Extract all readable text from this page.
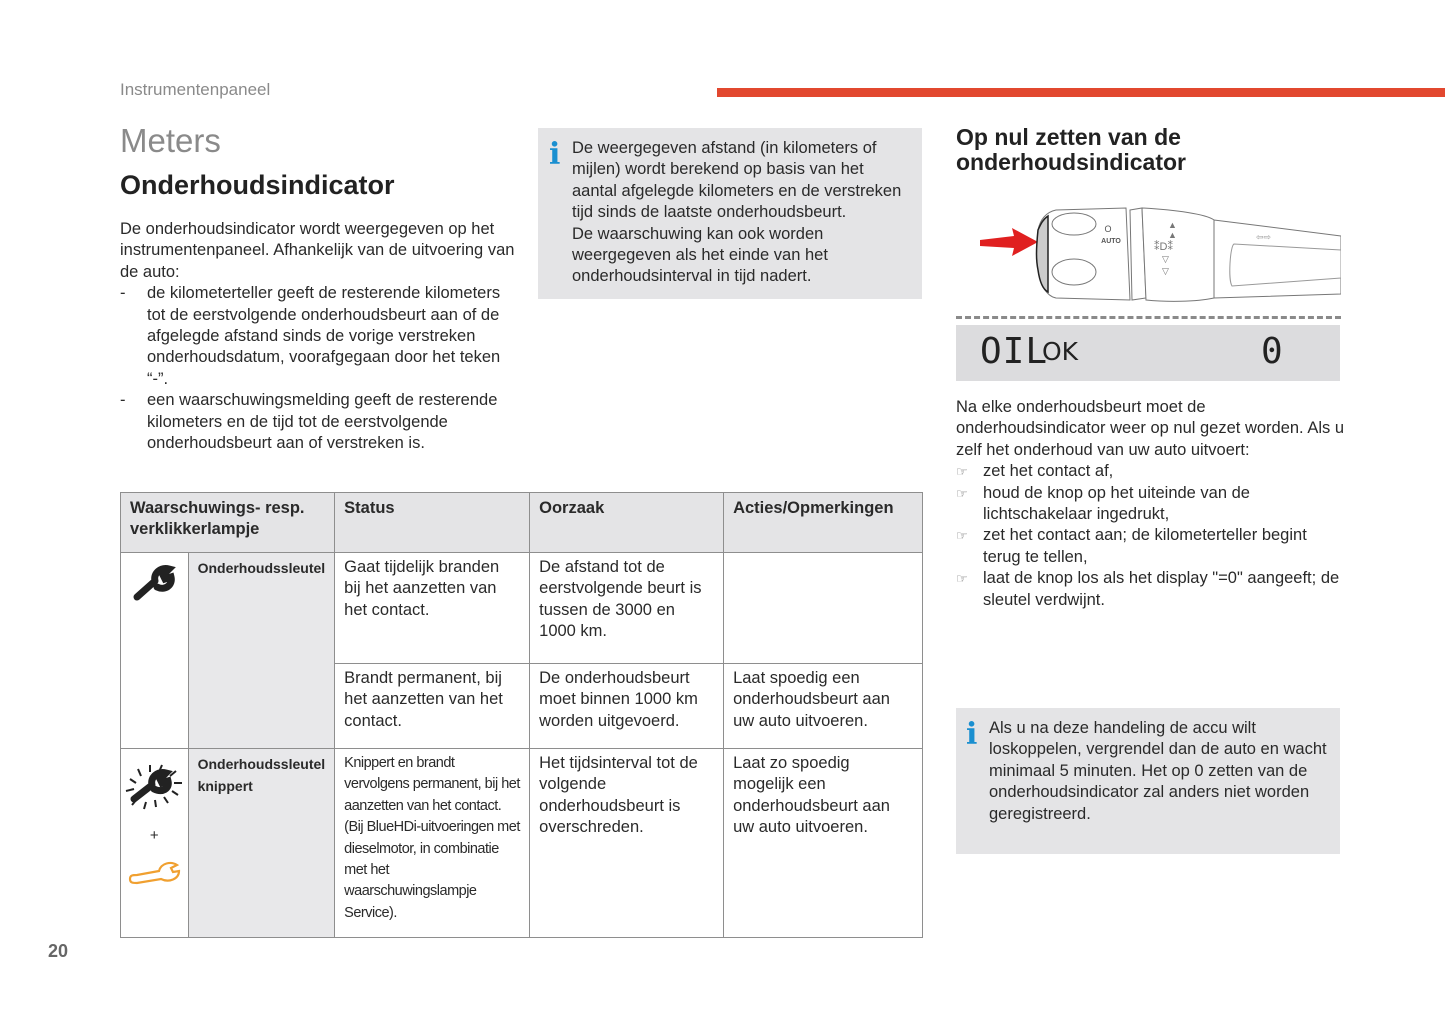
Instrumentenpaneel
Meters
Onderhoudsindicator

De onderhoudsindicator wordt weergegeven op het instrumentenpaneel. Afhankelijk van de uitvoering van de auto:

- de kilometerteller geeft de resterende kilometers tot de eerstvolgende onderhoudsbeurt aan of de afgelegde afstand sinds de vorige verstreken onderhoudsdatum, voorafgegaan door het teken “-”.
- een waarschuwingsmelding geeft de resterende kilometers en de tijd tot de eerstvolgende onderhoudsbeurt aan of verstreken is.
i De weergegeven afstand (in kilometers of mijlen) wordt berekend op basis van het aantal afgelegde kilometers en de verstreken tijd sinds de laatste onderhoudsbeurt.
De waarschuwing kan ook worden weergegeven als het einde van het onderhoudsinterval in tijd nadert.

Waarschuwings- resp. verklikkerlampje		Status	Oorzaak	Acties/Opmerkingen
	Onderhoudssleutel	Gaat tijdelijk branden bij het aanzetten van het contact.	De afstand tot de eerstvolgende beurt is tussen de 3000 en 1000 km.	
		Brandt permanent, bij het aanzetten van het contact.	De onderhoudsbeurt moet binnen 1000 km worden uitgevoerd.	Laat spoedig een onderhoudsbeurt aan uw auto uitvoeren.

+	Onderhoudssleutel knippert	Knippert en brandt vervolgens permanent, bij het aanzetten van het contact.
(Bij BlueHDi-uitvoeringen met dieselmotor, in combinatie met het waarschuwingslampje Service).	Het tijdsinterval tot de volgende onderhoudsbeurt is overschreden.	Laat zo spoedig mogelijk een onderhoudsbeurt aan uw auto uitvoeren.
Op nul zetten van de onderhoudsindicator
O
AUTO
▲
▲
⁑D⁑
▽
▽
⇦⇨
OIL
OK	0

Na elke onderhoudsbeurt moet de onderhoudsindicator weer op nul gezet worden. Als u zelf het onderhoud van uw auto uitvoert:

☞ zet het contact af,
☞ houd de knop op het uiteinde van de lichtschakelaar ingedrukt,
☞ zet het contact aan; de kilometerteller begint terug te tellen,
☞ laat de knop los als het display "=0" aangeeft; de sleutel verdwijnt.
i Als u na deze handeling de accu wilt loskoppelen, vergrendel dan de auto en wacht minimaal 5 minuten. Het op 0 zetten van de onderhoudsindicator zal anders niet worden geregistreerd.

20
